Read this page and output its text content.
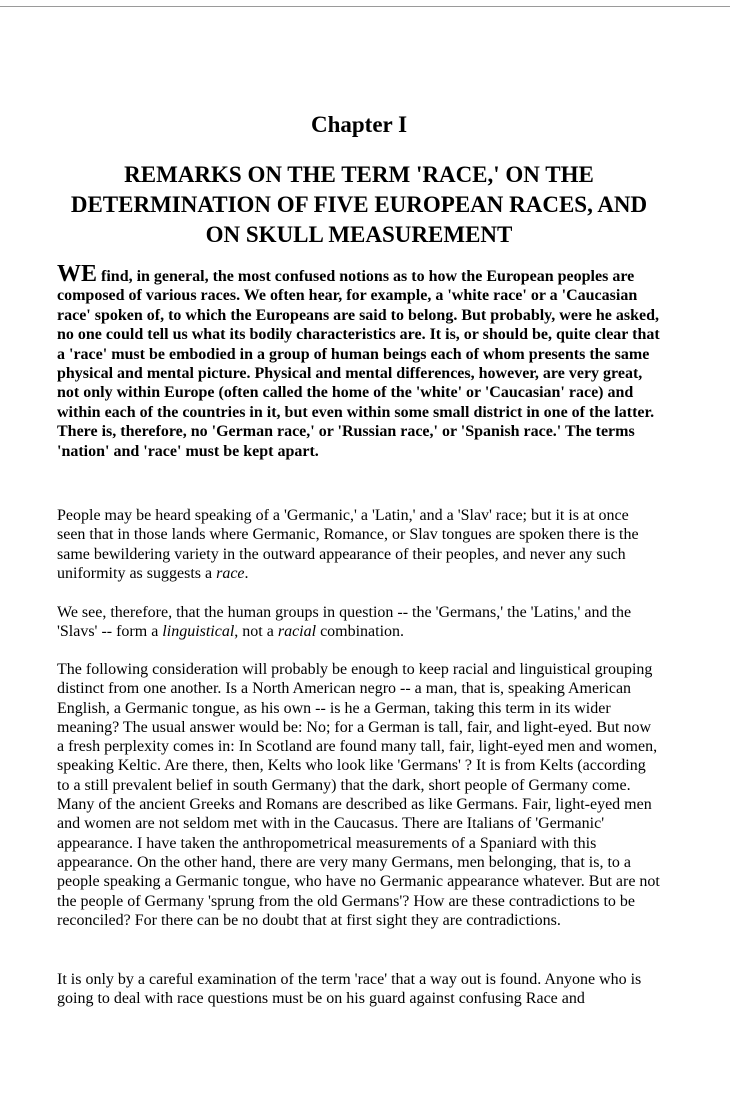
Chapter I
REMARKS ON THE TERM 'RACE,' ON THE DETERMINATION OF FIVE EUROPEAN RACES, AND ON SKULL MEASUREMENT

WE find, in general, the most confused notions as to how the European peoples are composed of various races. We often hear, for example, a 'white race' or a 'Caucasian race' spoken of, to which the Europeans are said to belong. But probably, were he asked, no one could tell us what its bodily characteristics are. It is, or should be, quite clear that a 'race' must be embodied in a group of human beings each of whom presents the same physical and mental picture. Physical and mental differences, however, are very great, not only within Europe (often called the home of the 'white' or 'Caucasian' race) and within each of the countries in it, but even within some small district in one of the latter. There is, therefore, no 'German race,' or 'Russian race,' or 'Spanish race.' The terms 'nation' and 'race' must be kept apart.

People may be heard speaking of a 'Germanic,' a 'Latin,' and a 'Slav' race; but it is at once seen that in those lands where Germanic, Romance, or Slav tongues are spoken there is the same bewildering variety in the outward appearance of their peoples, and never any such uniformity as suggests a race.

We see, therefore, that the human groups in question -- the 'Germans,' the 'Latins,' and the 'Slavs' -- form a linguistical, not a racial combination.

The following consideration will probably be enough to keep racial and linguistical grouping distinct from one another. Is a North American negro -- a man, that is, speaking American English, a Germanic tongue, as his own -- is he a German, taking this term in its wider meaning? The usual answer would be: No; for a German is tall, fair, and light-eyed. But now a fresh perplexity comes in: In Scotland are found many tall, fair, light-eyed men and women, speaking Keltic. Are there, then, Kelts who look like 'Germans' ? It is from Kelts (according to a still prevalent belief in south Germany) that the dark, short people of Germany come. Many of the ancient Greeks and Romans are described as like Germans. Fair, light-eyed men and women are not seldom met with in the Caucasus. There are Italians of 'Germanic' appearance. I have taken the anthropometrical measurements of a Spaniard with this appearance. On the other hand, there are very many Germans, men belonging, that is, to a people speaking a Germanic tongue, who have no Germanic appearance whatever. But are not the people of Germany 'sprung from the old Germans'? How are these contradictions to be reconciled? For there can be no doubt that at first sight they are contradictions.

It is only by a careful examination of the term 'race' that a way out is found. Anyone who is going to deal with race questions must be on his guard against confusing Race and
